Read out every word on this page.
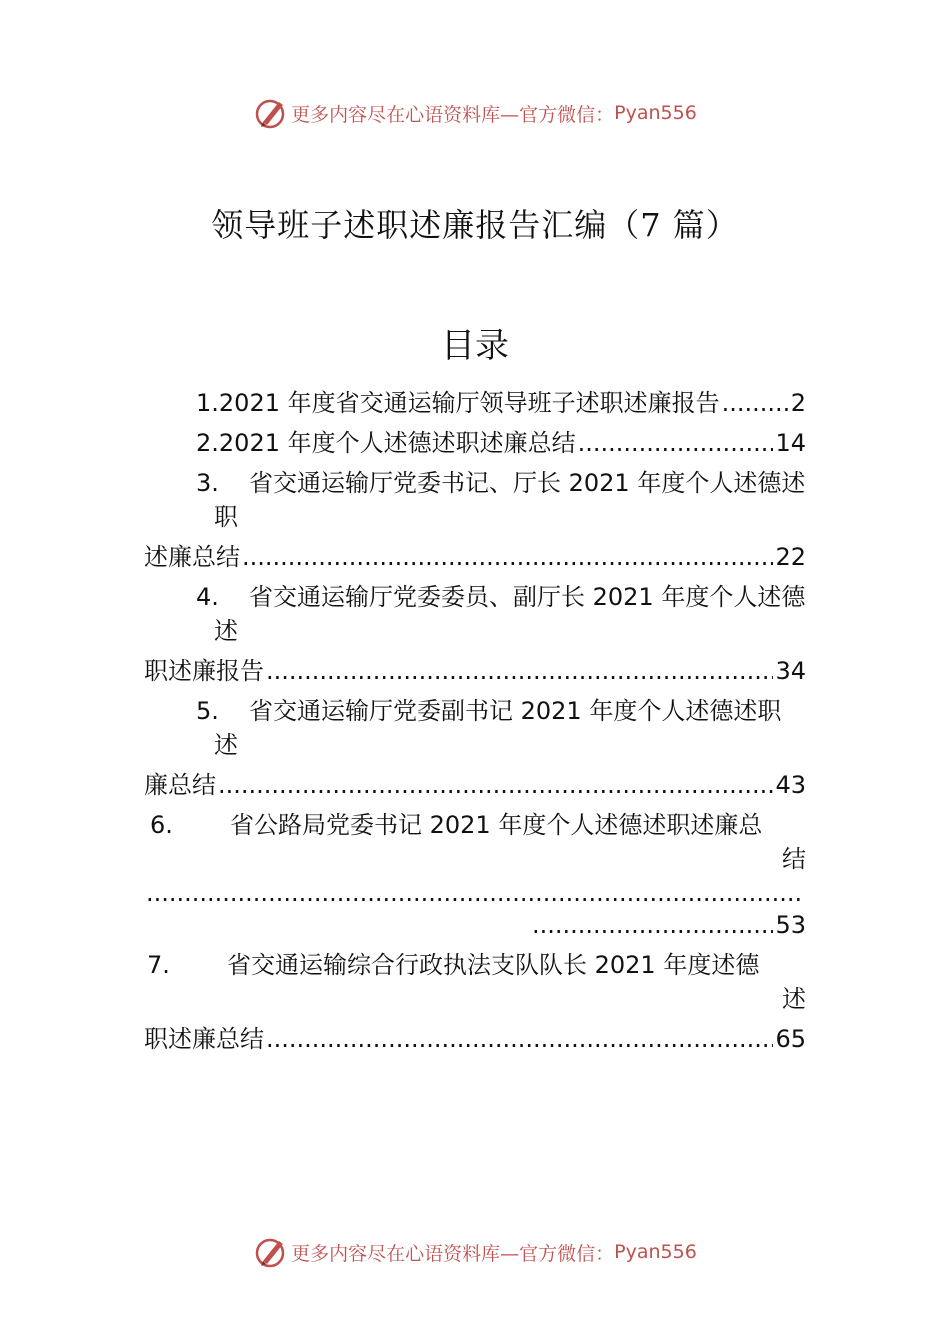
更多内容尽在心语资料库—官方微信： Pyan556
领导班子述职述廉报告汇编（7 篇）
目录
1.2021 年度省交通运输厅领导班子述职述廉报告 .....	2
2.2021 年度个人述德述职述廉总结 .....	14
3. 省交通运输厅党委书记、厅长 2021 年度个人述德述
职
述廉总结 .....	22
4. 省交通运输厅党委委员、副厅长 2021 年度个人述德
述
职述廉报告 .....	34
5. 省交通运输厅党委副书记 2021 年度个人述德述职
述
廉总结 .....	43
6. 省公路局党委书记 2021 年度个人述德述职述廉总
结
.....
.....
53
7. 省交通运输综合行政执法支队队长 2021 年度述德
述
职述廉总结 .....	65
更多内容尽在心语资料库—官方微信： Pyan556
